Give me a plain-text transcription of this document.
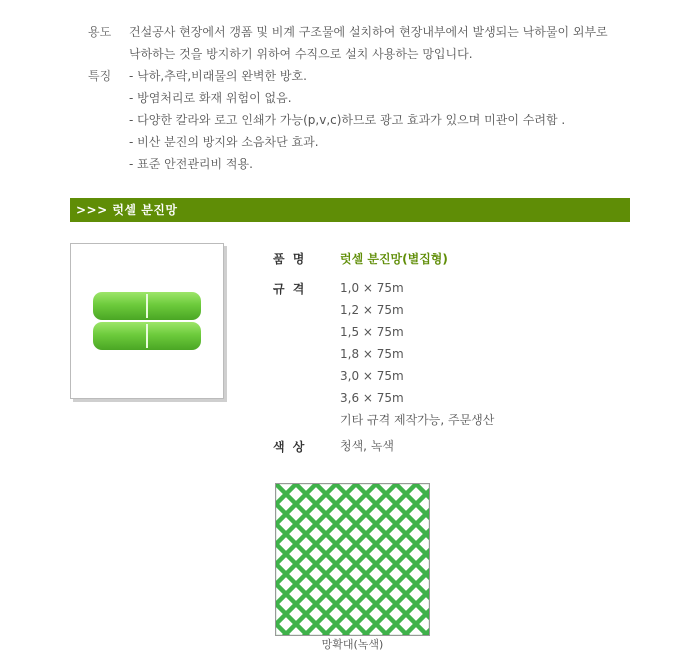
용도 건설공사 현장에서 갱폼 및 비계 구조물에 설치하여 현장내부에서 발생되는 낙하물이 외부로
낙하하는 것을 방지하기 위하여 수직으로 설치 사용하는 망입니다.
특징 - 낙하,추락,비래물의 완벽한 방호.
- 방염처리로 화재 위험이 없음.
- 다양한 칼라와 로고 인쇄가 가능(p,v,c)하므로 광고 효과가 있으며 미관이 수려함 .
- 비산 분진의 방지와 소음차단 효과.
- 표준 안전관리비 적용.
>>> 럿셀 분진망
품 명	럿셀 분진망(별집형)
규 격	1,0 × 75m
1,2 × 75m
1,5 × 75m
1,8 × 75m
3,0 × 75m
3,6 × 75m
기타 규격 제작가능, 주문생산
색 상	청색, 녹색
망확대(녹색)
